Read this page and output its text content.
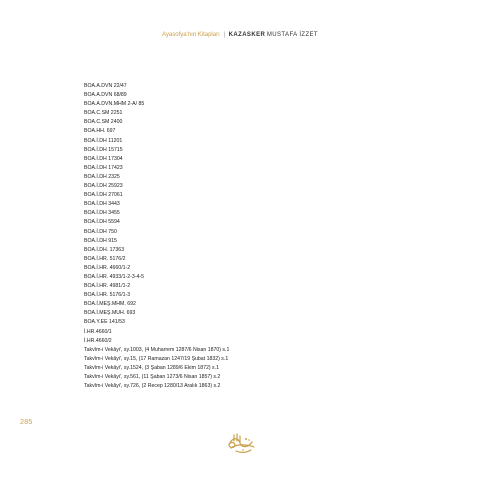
Ayasofya'nın Kitapları | KAZASKER MUSTAFA İZZET
BOA.A.DVN 22/47
BOA.A.DVN 68/89
BOA.A.DVN.MHM 2-A/ 85
BOA.C.SM 2251
BOA.C.SM 2400
BOA.HH. 697
BOA.İ.DH 11201
BOA.İ.DH 15715
BOA.İ.DH 17304
BOA.İ.DH 17423
BOA.İ.DH 2325
BOA.İ.DH 25923
BOA.İ.DH 27061
BOA.İ.DH 3443
BOA.İ.DH 3455
BOA.İ.DH 5594
BOA.İ.DH 750
BOA.İ.DH 915
BOA.İ.DH. 17363
BOA.İ.HR. 5176/2
BOA.İ.HR. 4660/1-2
BOA.İ.HR. 4933/1-2-3-4-5
BOA.İ.HR. 4981/1-2
BOA.İ.HR. 5176/1-3
BOA.İ.MEŞ.MHM. 692
BOA.İ.MEŞ.MUH. 693
BOA.Y.EE 141/53
İ.HR.4660/1
İ.HR.4660/2
Takvîm-i Vekâyi', sy.1003, (4 Muharrem 1287/6 Nisan 1870) s.1
Takvîm-i Vekâyi', sy.15, (17 Ramazan 1247/19 Şubat 1832) s.1
Takvîm-i Vekâyi', sy.1524, (3 Şaban 1289/6 Ekim 1872) s.1
Takvîm-i Vekâyi', sy.561, (11 Şaban 1273/6 Nisan 1857) s.2
Takvîm-i Vekâyi', sy.726, (2 Recep 1280/13 Aralık 1863) s.2
285
